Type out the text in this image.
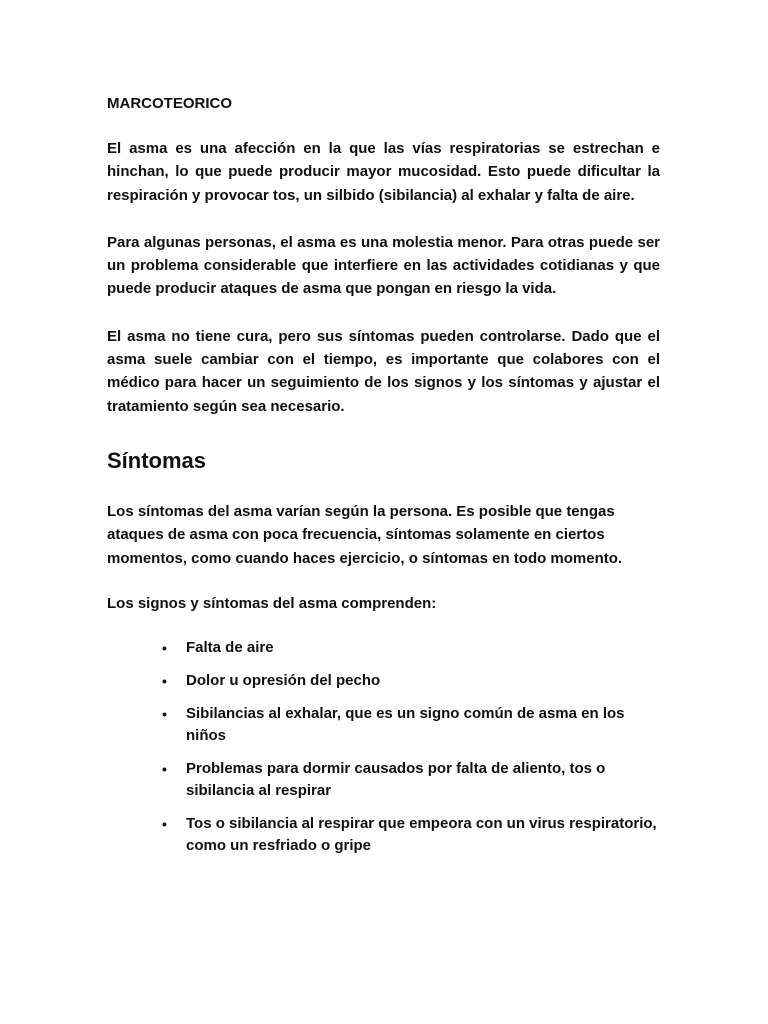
MARCOTEORICO

El asma es una afección en la que las vías respiratorias se estrechan e hinchan, lo que puede producir mayor mucosidad. Esto puede dificultar la respiración y provocar tos, un silbido (sibilancia) al exhalar y falta de aire.

Para algunas personas, el asma es una molestia menor. Para otras puede ser un problema considerable que interfiere en las actividades cotidianas y que puede producir ataques de asma que pongan en riesgo la vida.

El asma no tiene cura, pero sus síntomas pueden controlarse. Dado que el asma suele cambiar con el tiempo, es importante que colabores con el médico para hacer un seguimiento de los signos y los síntomas y ajustar el tratamiento según sea necesario.

Síntomas

Los síntomas del asma varían según la persona. Es posible que tengas ataques de asma con poca frecuencia, síntomas solamente en ciertos momentos, como cuando haces ejercicio, o síntomas en todo momento.

Los signos y síntomas del asma comprenden:

• Falta de aire
• Dolor u opresión del pecho
• Sibilancias al exhalar, que es un signo común de asma en los niños
• Problemas para dormir causados por falta de aliento, tos o sibilancia al respirar
• Tos o sibilancia al respirar que empeora con un virus respiratorio, como un resfriado o gripe
